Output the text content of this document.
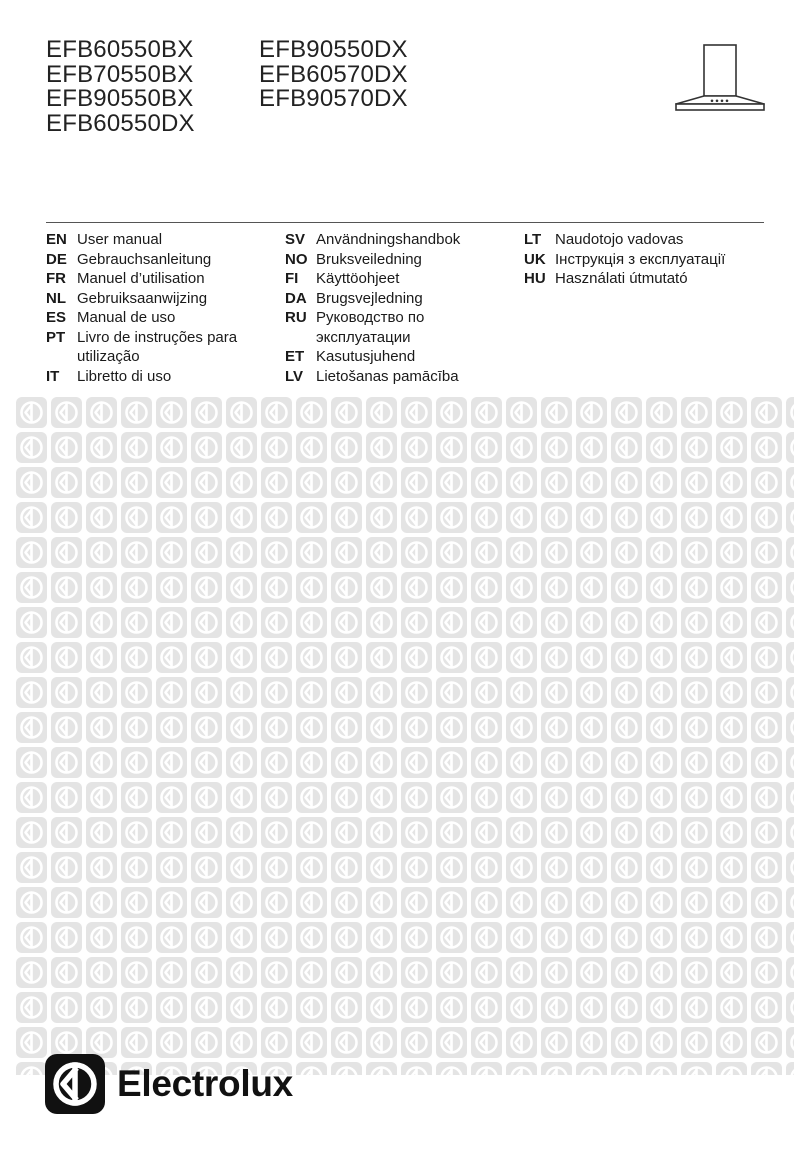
EFB60550BX
EFB70550BX
EFB90550BX
EFB60550DX
EFB90550DX
EFB60570DX
EFB90570DX
EN User manual
DE Gebrauchsanleitung
FR Manuel d’utilisation
NL Gebruiksaanwijzing
ES Manual de uso
PT Livro de instruções para utilização
IT	Libretto di uso
SV Användningshandbok
NO Bruksveiledning
FI	Käyttöohjeet
DA Brugsvejledning
RU Руководство по эксплуатации
ET Kasutusjuhend
LV Lietošanas pamācība
LT Naudotojo vadovas
UK Інструкція з експлуатації
HU Használati útmutató
Electrolux
